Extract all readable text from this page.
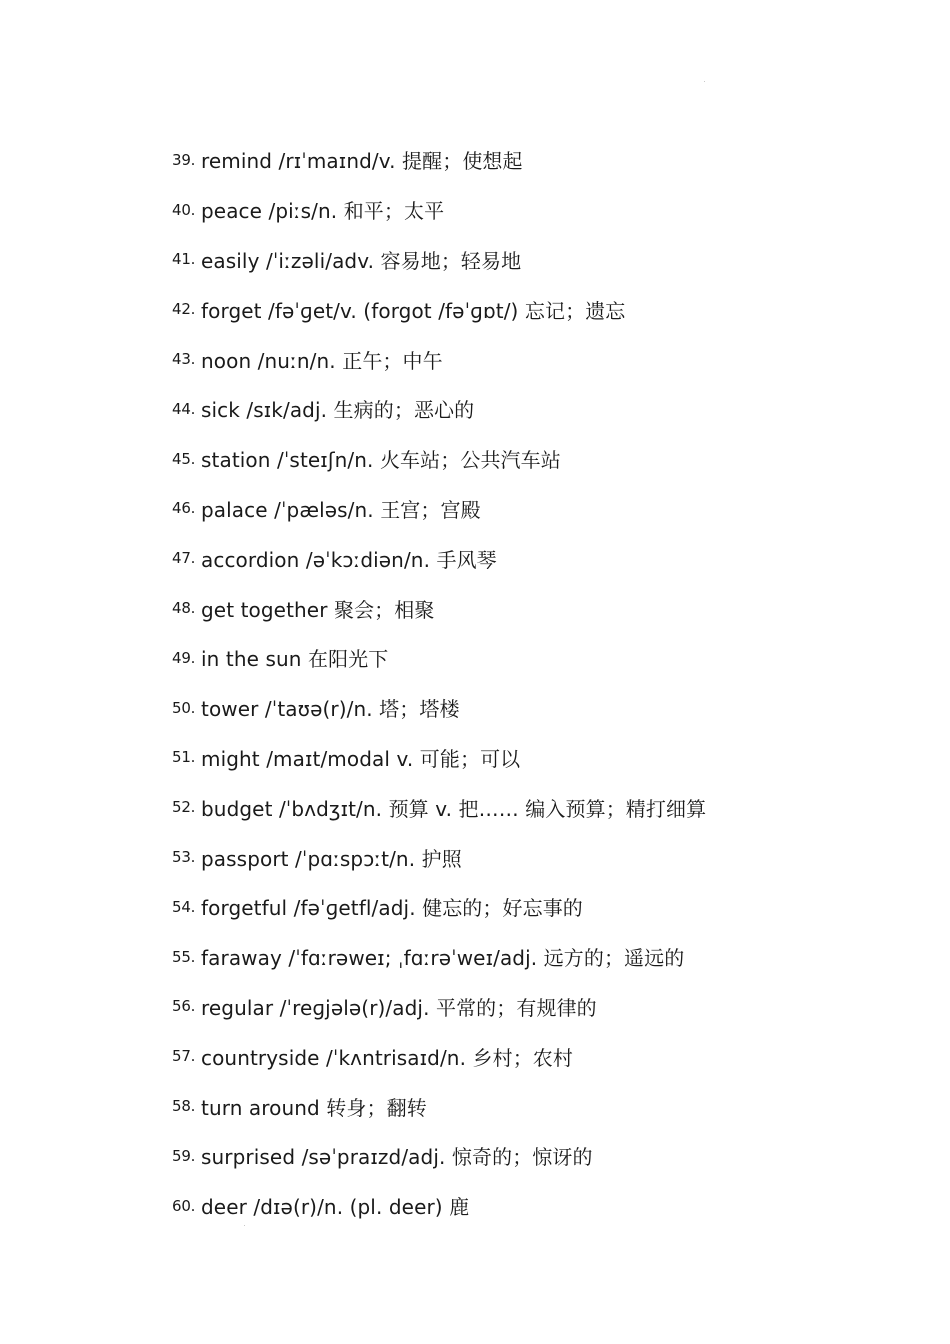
39. remind /rɪˈmaɪnd/v. 提醒；使想起
40. peace /piːs/n. 和平；太平
41. easily /ˈiːzəli/adv. 容易地；轻易地
42. forget /fəˈɡet/v. (forgot /fəˈɡɒt/) 忘记；遗忘
43. noon /nuːn/n. 正午；中午
44. sick /sɪk/adj. 生病的；恶心的
45. station /ˈsteɪʃn/n. 火车站；公共汽车站
46. palace /ˈpæləs/n. 王宫；宫殿
47. accordion /əˈkɔːdiən/n. 手风琴
48. get together 聚会；相聚
49. in the sun 在阳光下
50. tower /ˈtaʊə(r)/n. 塔；塔楼
51. might /maɪt/modal v. 可能；可以
52. budget /ˈbʌdʒɪt/n. 预算 v. 把…… 编入预算；精打细算
53. passport /ˈpɑːspɔːt/n. 护照
54. forgetful /fəˈɡetfl/adj. 健忘的；好忘事的
55. faraway /ˈfɑːrəweɪ; ˌfɑːrəˈweɪ/adj. 远方的；遥远的
56. regular /ˈreɡjələ(r)/adj. 平常的；有规律的
57. countryside /ˈkʌntrisaɪd/n. 乡村；农村
58. turn around 转身；翻转
59. surprised /səˈpraɪzd/adj. 惊奇的；惊讶的
60. deer /dɪə(r)/n. (pl. deer) 鹿
